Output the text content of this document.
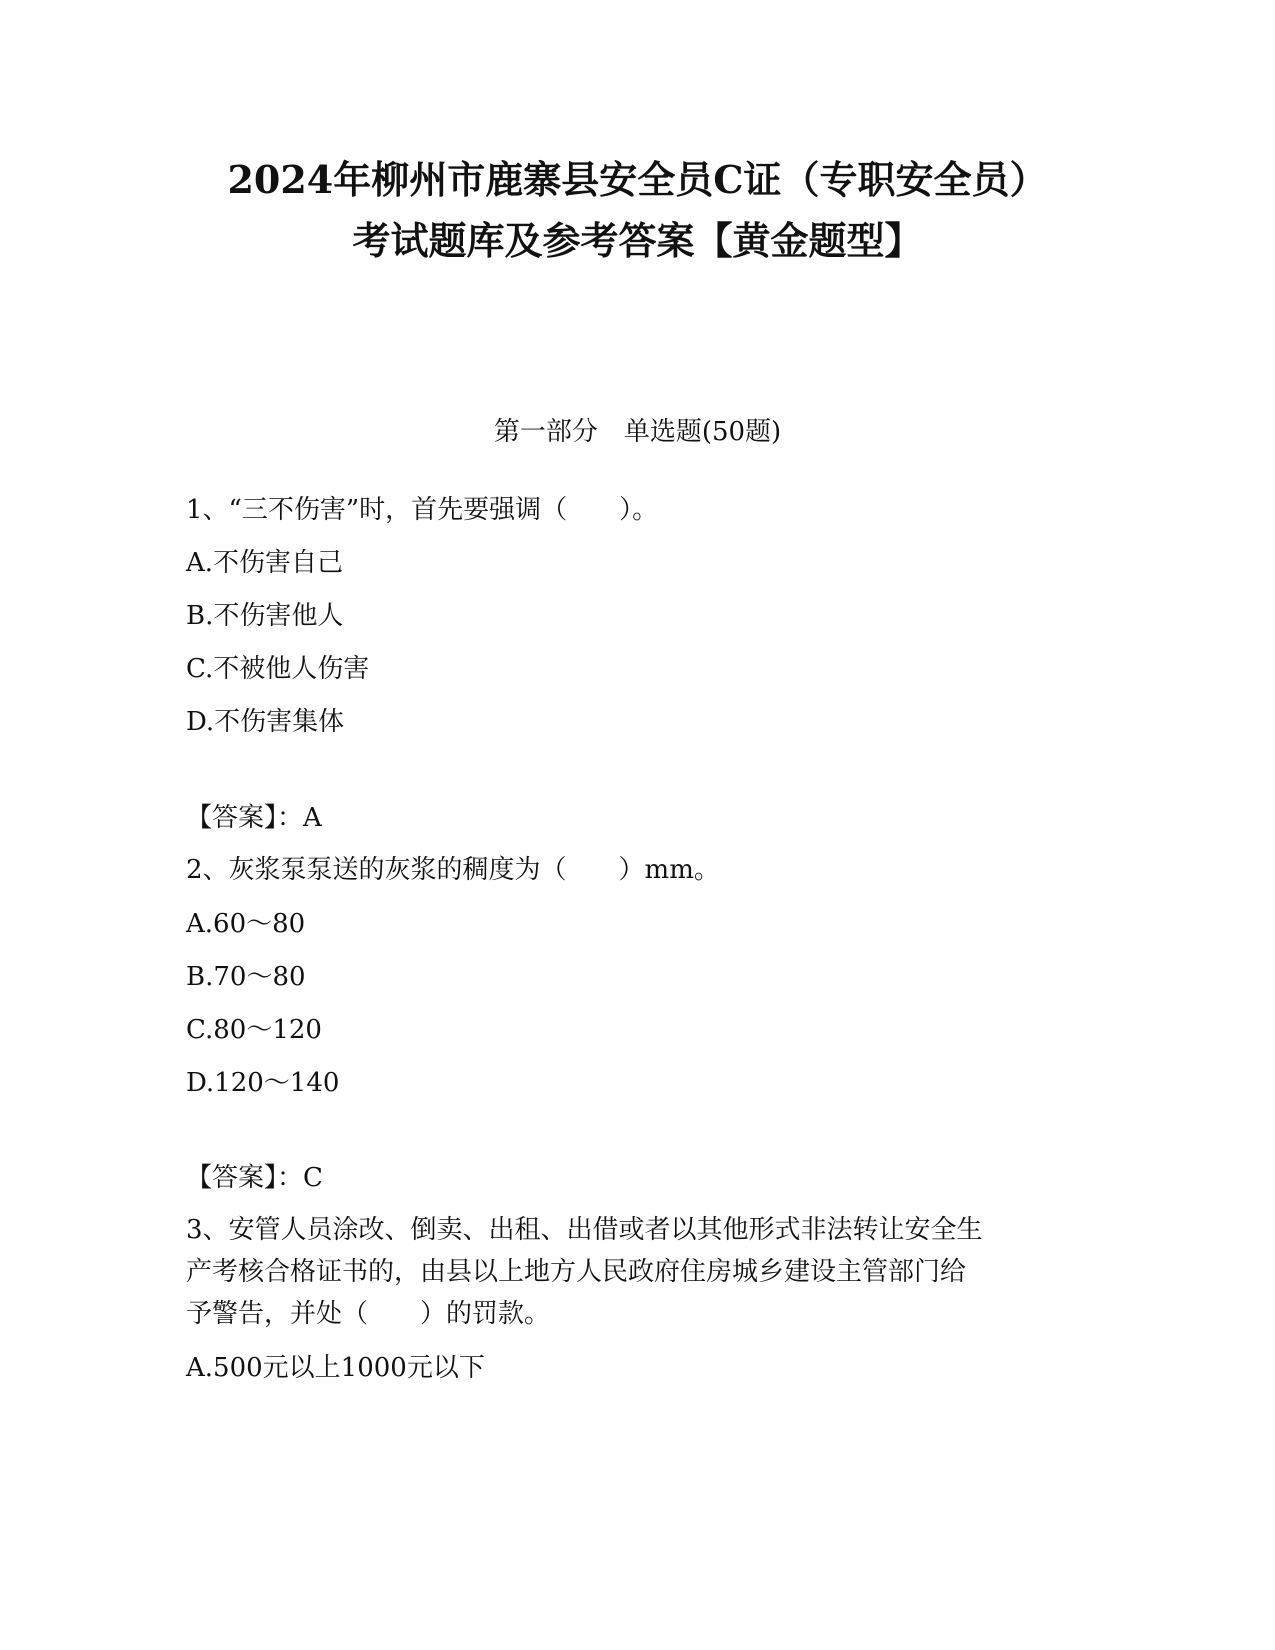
2024年柳州市鹿寨县安全员C证（专职安全员）
考试题库及参考答案【黄金题型】
第一部分　单选题(50题)
1、“三不伤害”时，首先要强调（　　）。
A.不伤害自己
B.不伤害他人
C.不被他人伤害
D.不伤害集体
【答案】：A
2、灰浆泵泵送的灰浆的稠度为（　　）mm。
A.60～80
B.70～80
C.80～120
D.120～140
【答案】：C
3、安管人员涂改、倒卖、出租、出借或者以其他形式非法转让安全生
产考核合格证书的，由县以上地方人民政府住房城乡建设主管部门给
予警告，并处（　　）的罚款。
A.500元以上1000元以下
